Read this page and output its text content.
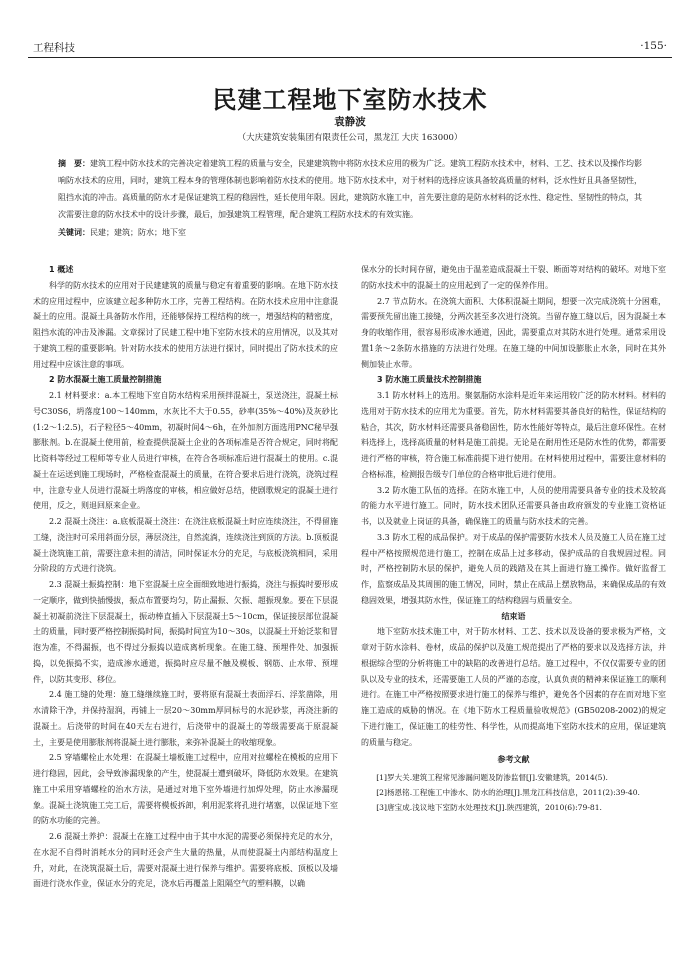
工程科技	·155·
民建工程地下室防水技术
袁静波
（大庆建筑安装集团有限责任公司，黑龙江 大庆 163000）
摘　要：建筑工程中防水技术的完善决定着建筑工程的质量与安全，民建建筑物中将防水技术应用的极为广泛。建筑工程防水技术中，材料、工艺、技术以及操作均影响防水技术的应用，同时，建筑工程本身的管理体制也影响着防水技术的使用。地下防水技术中，对于材料的选择应该具备较高质量的材料，泛水性好且具备坚韧性，阻挡水流的冲击。高质量的防水才是保证建筑工程的稳固性，延长使用年限。因此，建筑防水施工中，首先要注意的是防水材料的泛水性、稳定性、坚韧性的特点，其次需要注意的防水技术中的设计步骤，最后，加强建筑工程管理，配合建筑工程防水技术的有效实施。
关键词：民建；建筑；防水；地下室

1 概述

科学的防水技术的应用对于民建建筑的质量与稳定有着重要的影响。在地下防水技术的应用过程中，应该建立起多种防水工序，完善工程结构。在防水技术应用中注意混凝土的应用。混凝土具备防水作用，还能够保持工程结构的统一，增强结构的精密度，阻挡水流的冲击及渗漏。文章探讨了民建工程中地下室防水技术的应用情况，以及其对于建筑工程的重要影响。针对防水技术的使用方法进行探讨，同时提出了防水技术的应用过程中应该注意的事项。

2 防水混凝土施工质量控制措施

2.1 材料要求：a.本工程地下室自防水结构采用预拌混凝土，泵送浇注，混凝土标号C30S6，坍落度100～140mm，水灰比不大于0.55，砂率(35%～40%)及灰砂比(1:2～1:2.5)，石子粒径5～40mm，初凝时间4～6h，在外加剂方面选用PNC秘早强膨胀剂。b.在混凝土使用前，检查提供混凝土企业的各项标准是否符合规定，同时将配比资料等经过工程师等专业人员进行审核，在符合各项标准后进行混凝土的使用。c.混凝土在运送到施工现场时，严格检查混凝土的质量，在符合要求后进行浇筑，浇筑过程中，注意专业人员进行混凝土坍落度的审核，相应做好总结，使剧歌规定的混凝土进行使用，反之，则退回原来企业。

2.2 混凝土浇注：a.底板混凝土浇注：在浇注底板混凝土时应连续浇注，不得留施工缝，浇注时可采用斜面分层，薄层浇注，自然流淌，连续浇注到顶的方法。b.顶板混凝土浇筑施工前，需要注意未担的清洁，同时保证水分的充足，与底板浇筑相同，采用分阶段的方式进行浇筑。

2.3 混凝土振捣控制：地下室混凝土应全面细致地进行振捣，浇注与振捣时要形成一定顺序，做到快插慢拔，振点布置要均匀，防止漏振、欠振、超振现象。要在下层混凝土初凝前浇注下层混凝土，振动棒直插入下层混凝土5～10cm，保证接层部位混凝土的质量，同时要严格控制振捣时间，振捣时间宜为10～30s，以混凝土开始泛浆和冒泡为准，不得漏振，也不得过分振捣以造成离析现象。在施工缝、预埋件处、加强振捣，以免振捣不实，造成渗水通道，振捣时应尽量不触及模板、钢筋、止水带、预埋件，以防其变形、移位。

2.4 施工缝的处理：施工缝继续施工时，要将原有混凝土表面浮石、浮浆凿除，用水清除干净，并保持湿润，再铺上一层20～30mm厚同标号的水泥砂浆，再浇注新的混凝土。后浇带的时间在40天左右进行，后浇带中的混凝土的等级需要高于原混凝土，主要是使用膨胀剂将混凝土进行膨胀，来弥补混凝土的收缩现象。

2.5 穿墙螺栓止水处理：在混凝土墙板施工过程中，应用对拉螺栓在模板的应用下进行稳固，因此，会导致渗漏现象的产生，使混凝土遭到破坏，降低防水效果。在建筑施工中采用穿墙螺栓的治水方法，是通过对地下室外墙进行加焊处理，防止水渗漏现象。混凝土浇筑施工完工后，需要将模板拆卸，利用泥浆将孔进行堵塞，以保证地下室的防水功能的完善。

2.6 混凝土养护：混凝土在施工过程中由于其中水泥的需要必须保持充足的水分，在水泥不自得时消耗水分的同时还会产生大量的热量，从而使混凝土内部结构温度上升，对此，在浇筑混凝土后，需要对混凝土进行保养与维护。需要将底板、顶板以及墙面进行浇水作业，保证水分的充足，浇水后再覆盖上阻隔空气的塑料膜，以确

保水分的长时间存留，避免由于温差造成混凝土干裂、断面等对结构的破坏。对地下室的防水技术中的混凝土的应用起到了一定的保养作用。

2.7 节点防水。在浇筑大面积、大体积混凝土期间，想要一次完成浇筑十分困难，需要预先留出施工接缝，分两次甚至多次进行浇筑。当留存施工缝以后，因为混凝土本身的收缩作用，很容易形成渗水通道，因此，需要重点对其防水进行处理。通常采用设置1条～2条防水措施的方法进行处理。在施工缝的中间加设膨胀止水条，同时在其外侧加装止水带。

3 防水施工质量技术控制措施

3.1 防水材料上的选用。聚氨脂防水涂料是近年来运用较广泛的防水材料。材料的选用对于防水技术的应用尤为重要。首先，防水材料需要其备良好的粘性，保证结构的粘合，其次，防水材料还需要具备稳固性，防水性能好等特点，最后注意环保性。在材料选择上，选择高质量的材料是施工前提。无论是在耐用性还是防水性的优势，都需要进行严格的审核，符合施工标准前提下进行使用。在材料使用过程中，需要注意材料的合格标准，检测报告级专门单位的合格审批后进行使用。

3.2 防水施工队伍的选择。在防水施工中，人员的使用需要具备专业的技术及较高的能力水平进行施工。同时，防水技术团队还需要具备由政府颁发的专业施工资格证书，以及就业上岗证的具备，确保施工的质量与防水技术的完善。

3.3 防水工程的成品保护。对于成品的保护需要防水技术人员及施工人员在施工过程中严格按照规范进行施工，控制在成品上过多移动，保护成品的自我规固过程。同时，严格控制防水层的保护，避免人员的践踏及在其上面进行施工操作。做好监督工作，监察成品及其周围的施工情况，同时，禁止在成品上摆放物品，来确保成品的有效稳固效果，增强其防水性，保证施工的结构稳固与质量安全。

结束语

地下室防水技术施工中，对于防水材料、工艺、技术以及设备的要求极为严格，文章对于防水涂料、卷材，成品的保护以及施工规范提出了严格的要求以及选择方法，并根据综合型的分析将施工中的缺陷的改善进行总结。施工过程中，不仅仅需要专业的团队以及专业的技术，还需要施工人员的严谨的态度，认真负责的精神来保证施工的顺利进行。在施工中严格按照要求进行施工的保养与维护，避免各个因素的存在而对地下室施工造成的威胁的情况。在《地下防水工程质量验收规范》(GB50208-2002)的规定下进行施工，保证施工的桂劳性、科学性，从而提高地下室防水技术的应用，保证建筑的质量与稳定。

参考文献

[1]罗大关.建筑工程常见渗漏问题及防渗监督[J].安徽建筑，2014(5).

[2]杨恩铭.工程施工中渗水、防水的治理[J].黑龙江科技信息，2011(2):39-40.

[3]唐宝成.浅议地下室防水处理技术[J].陕西建筑，2010(6):79-81.
